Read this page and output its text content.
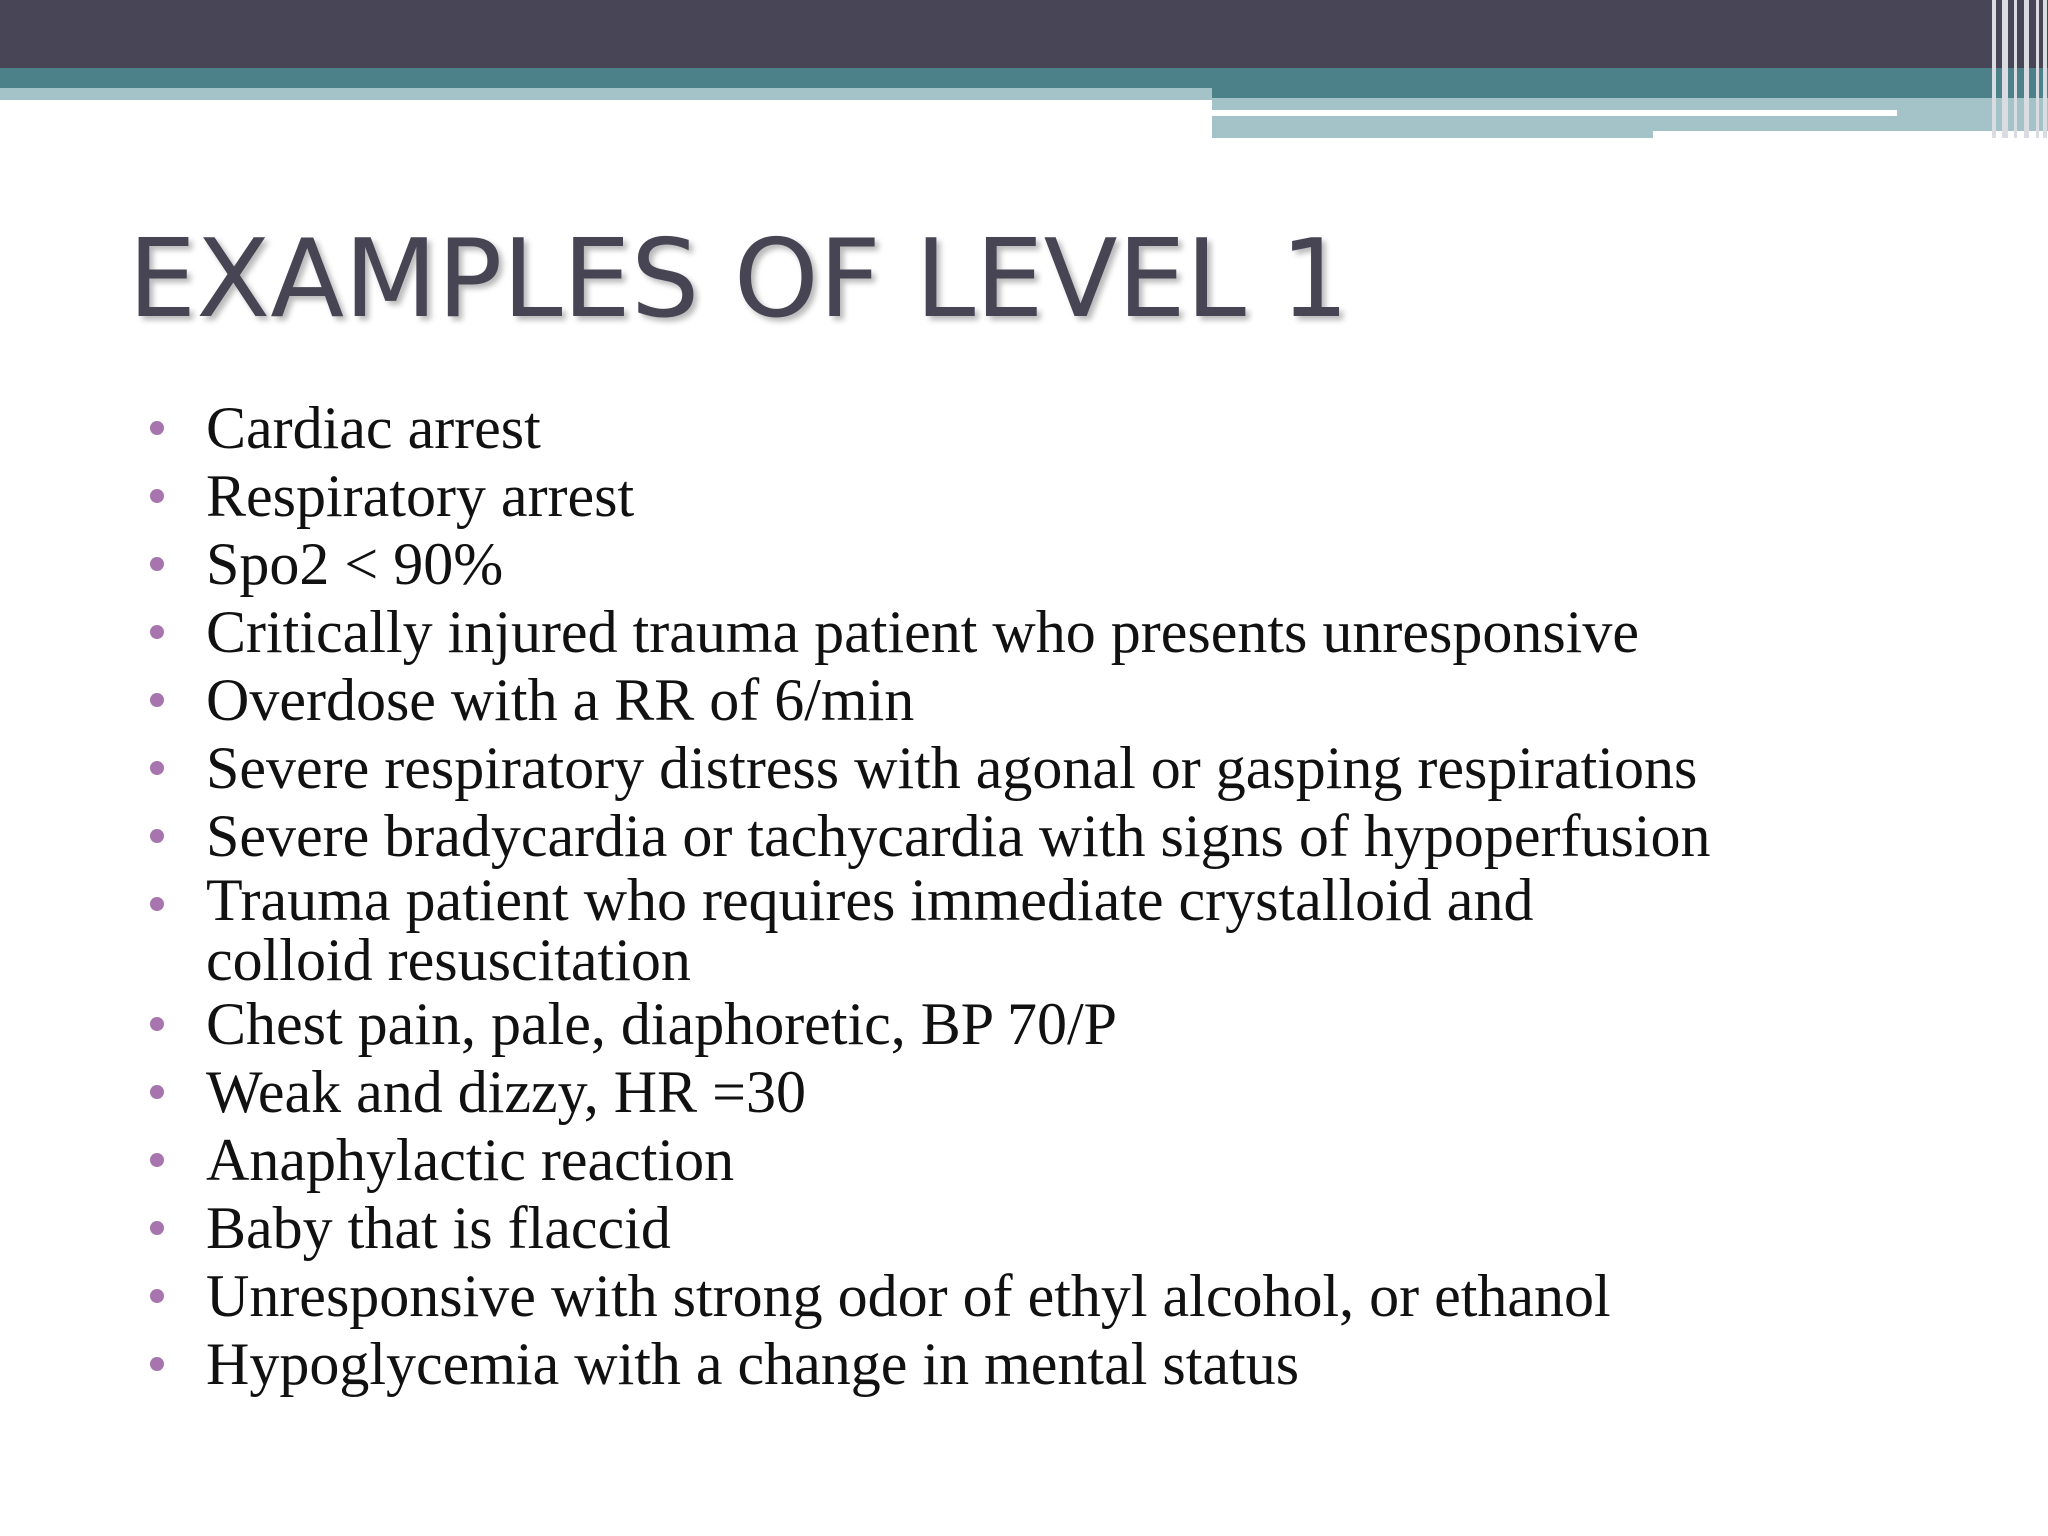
EXAMPLES OF LEVEL 1
Cardiac arrest
Respiratory arrest
Spo2 < 90%
Critically injured trauma patient who presents unresponsive
Overdose with a RR of 6/min
Severe respiratory distress with agonal or gasping respirations
Severe bradycardia or tachycardia with signs of hypoperfusion
Trauma patient who requires immediate crystalloid and
colloid resuscitation
Chest pain, pale, diaphoretic, BP 70/P
Weak and dizzy, HR =30
Anaphylactic reaction
Baby that is flaccid
Unresponsive with strong odor of ethyl alcohol, or ethanol
Hypoglycemia with a change in mental status
